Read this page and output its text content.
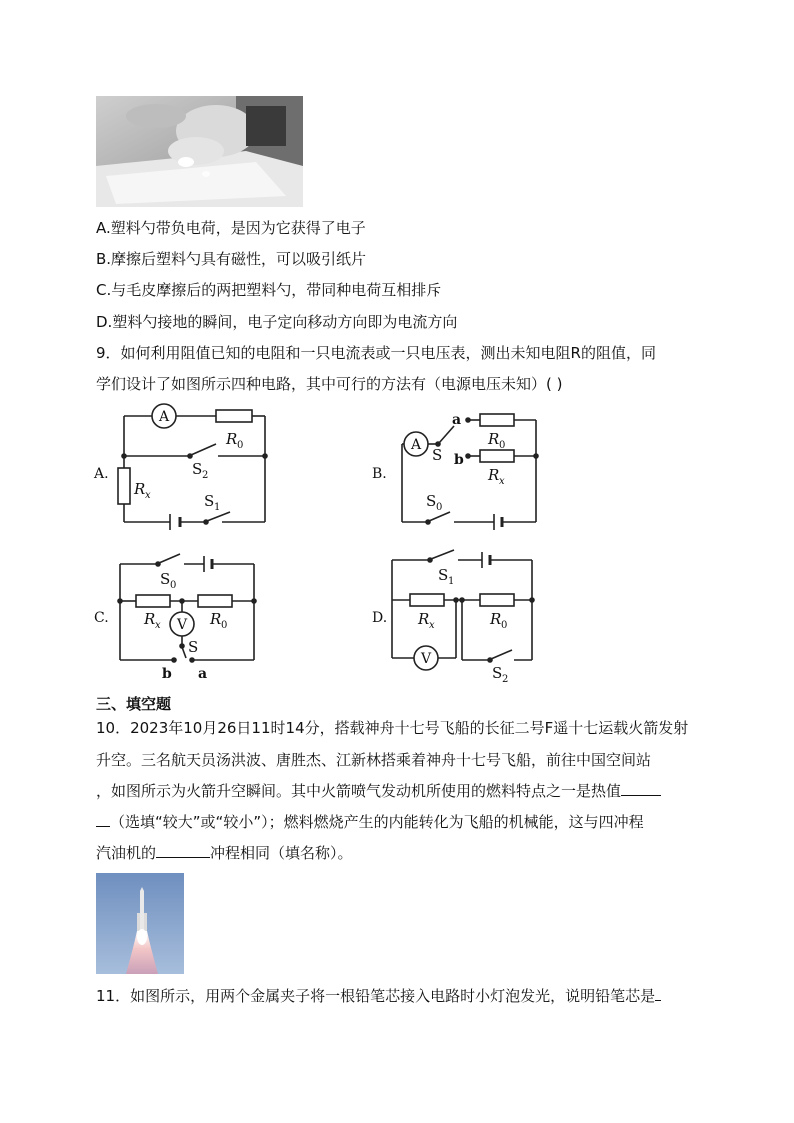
A.塑料勺带负电荷，是因为它获得了电子
B.摩擦后塑料勺具有磁性，可以吸引纸片
C.与毛皮摩擦后的两把塑料勺，带同种电荷互相排斥
D.塑料勺接地的瞬间，电子定向移动方向即为电流方向
9．如何利用阻值已知的电阻和一只电流表或一只电压表，测出未知电阻R的阻值，同
学们设计了如图所示四种电路，其中可行的方法有（电源电压未知）( )
A.
A
R 0
S 2
R x	S 1
B.
A
S
a
R 0
b
R x
S 0
C.
S 0
R x	R 0
V
S
b a
D.
S 1
R x	R 0
V
S 2
三、填空题
10．2023年10月26日11时14分，搭载神舟十七号飞船的长征二号F遥十七运载火箭发射
升空。三名航天员汤洪波、唐胜杰、江新林搭乘着神舟十七号飞船，前往中国空间站
，如图所示为火箭升空瞬间。其中火箭喷气发动机所使用的燃料特点之一是热值
（选填“较大”或“较小”）；燃料燃烧产生的内能转化为飞船的机械能，这与四冲程
汽油机的	冲程相同（填名称）。
11．如图所示，用两个金属夹子将一根铅笔芯接入电路时小灯泡发光，说明铅笔芯是
